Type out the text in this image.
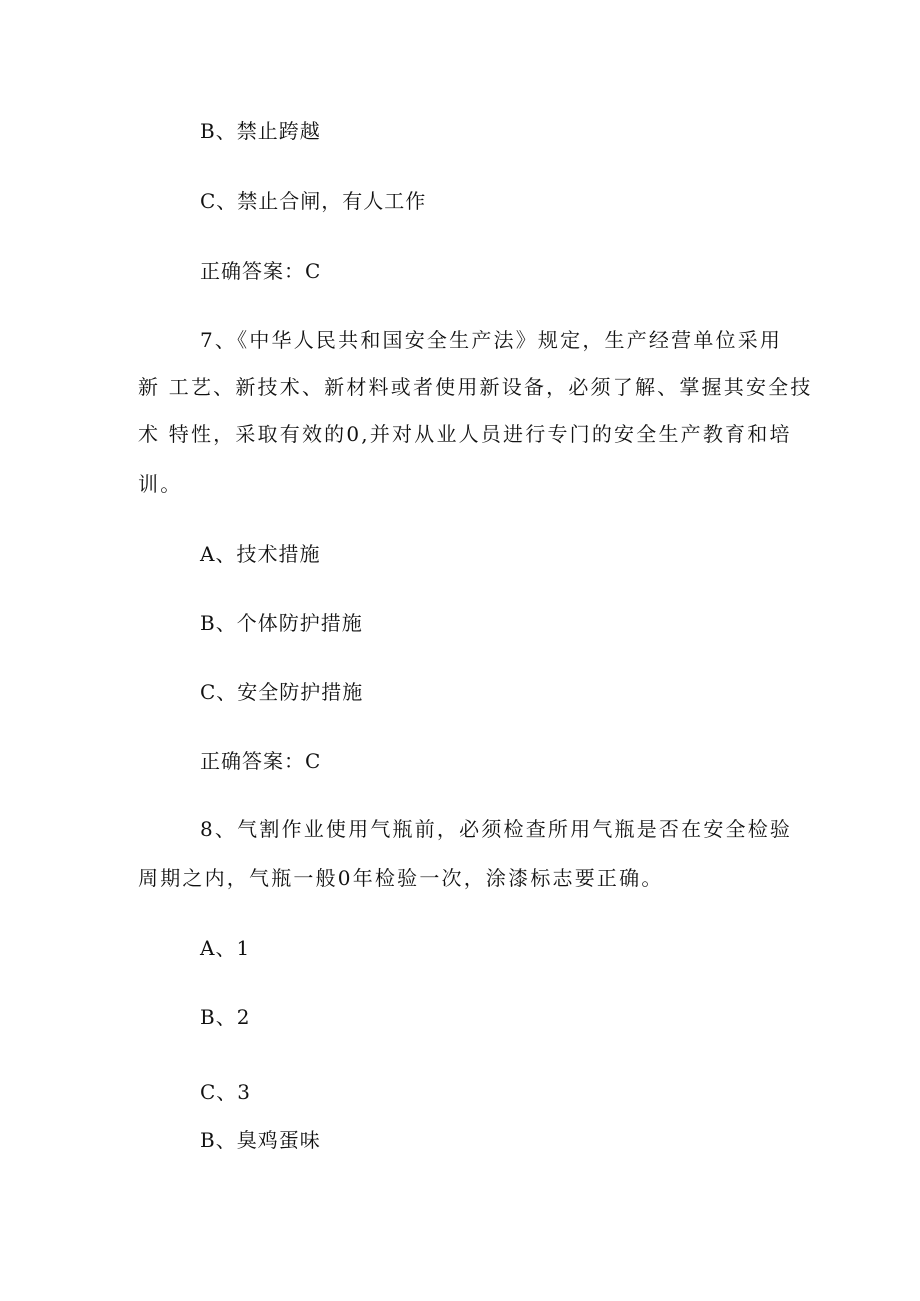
B、禁止跨越
C、禁止合闸，有人工作
正确答案：C
7、《中华人民共和国安全生产法》规定，生产经营单位采用
新 工艺、新技术、新材料或者使用新设备，必须了解、掌握其安全技
术 特性，采取有效的0,并对从业人员进行专门的安全生产教育和培
训。
A、技术措施
B、个体防护措施
C、安全防护措施
正确答案：C
8、气割作业使用气瓶前，必须检查所用气瓶是否在安全检验
周期之内，气瓶一般0年检验一次，涂漆标志要正确。
A、1
B、2
C、3
B、臭鸡蛋味
